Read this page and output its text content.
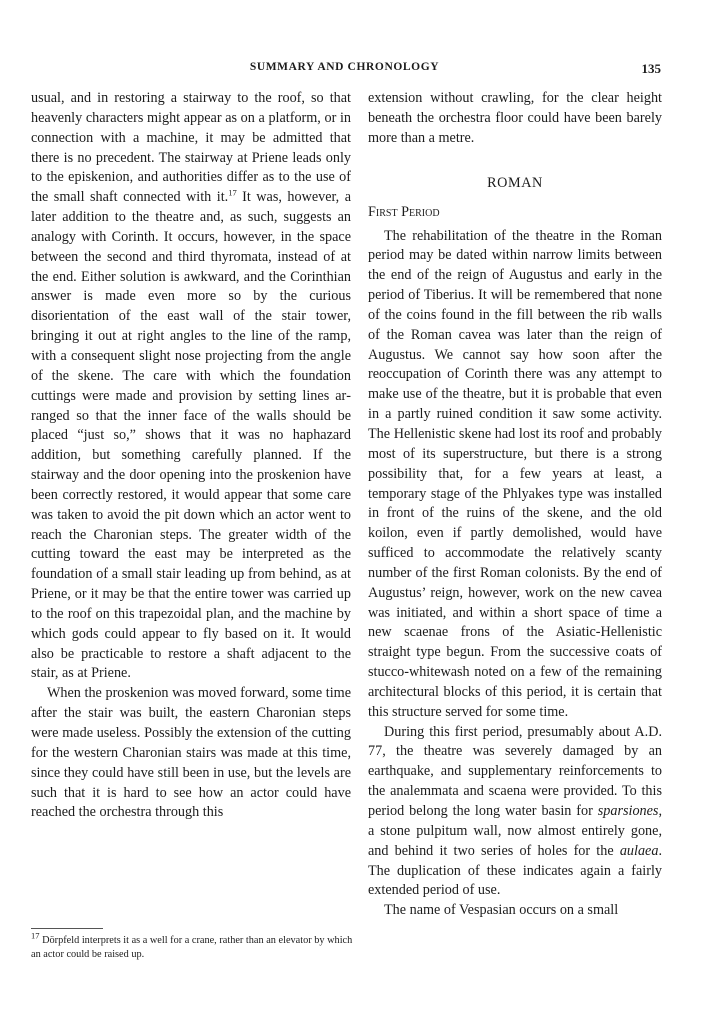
SUMMARY AND CHRONOLOGY	135

usual, and in restoring a stairway to the roof, so that heavenly characters might appear as on a platform, or in connection with a machine, it may be admitted that there is no precedent. The stairway at Priene leads only to the episkenion, and authorities differ as to the use of the small shaft connected with it.$^{17}$ It was, however, a later addition to the theatre and, as such, suggests an analogy with Corinth. It occurs, however, in the space between the second and third thyromata, instead of at the end. Either solution is awkward, and the Corinthian answer is made even more so by the curious disorientation of the east wall of the stair tower, bringing it out at right angles to the line of the ramp, with a consequent slight nose projecting from the angle of the skene. The care with which the foundation cuttings were made and provision by setting lines arranged so that the inner face of the walls should be placed “just so,” shows that it was no haphazard addition, but something carefully planned. If the stairway and the door opening into the proskenion have been correctly restored, it would appear that some care was taken to avoid the pit down which an actor went to reach the Charonian steps. The greater width of the cutting toward the east may be interpreted as the foundation of a small stair leading up from behind, as at Priene, or it may be that the entire tower was carried up to the roof on this trapezoidal plan, and the machine by which gods could appear to fly based on it. It would also be practicable to restore a shaft adjacent to the stair, as at Priene.

When the proskenion was moved forward, some time after the stair was built, the eastern Charonian steps were made useless. Possibly the extension of the cutting for the western Charonian stairs was made at this time, since they could have still been in use, but the levels are such that it is hard to see how an actor could have reached the orchestra through this

$^{17}$ Dörpfeld interprets it as a well for a crane, rather than an elevator by which an actor could be raised up.

extension without crawling, for the clear height beneath the orchestra floor could have been barely more than a metre.

ROMAN
First Period

The rehabilitation of the theatre in the Roman period may be dated within narrow limits between the end of the reign of Augustus and early in the period of Tiberius. It will be remembered that none of the coins found in the fill between the rib walls of the Roman cavea was later than the reign of Augustus. We cannot say how soon after the reoccupation of Corinth there was any attempt to make use of the theatre, but it is probable that even in a partly ruined condition it saw some activity. The Hellenistic skene had lost its roof and probably most of its superstructure, but there is a strong possibility that, for a few years at least, a temporary stage of the Phlyakes type was installed in front of the ruins of the skene, and the old koilon, even if partly demolished, would have sufficed to accommodate the relatively scanty number of the first Roman colonists. By the end of Augustus’ reign, however, work on the new cavea was initiated, and within a short space of time a new scaenae frons of the Asiatic-Hellenistic straight type begun. From the successive coats of stucco-whitewash noted on a few of the remaining architectural blocks of this period, it is certain that this structure served for some time.

During this first period, presumably about A.D. 77, the theatre was severely damaged by an earthquake, and supplementary reinforcements to the analemmata and scaena were provided. To this period belong the long water basin for sparsiones, a stone pulpitum wall, now almost entirely gone, and behind it two series of holes for the aulaea. The duplication of these indicates again a fairly extended period of use.

The name of Vespasian occurs on a small
